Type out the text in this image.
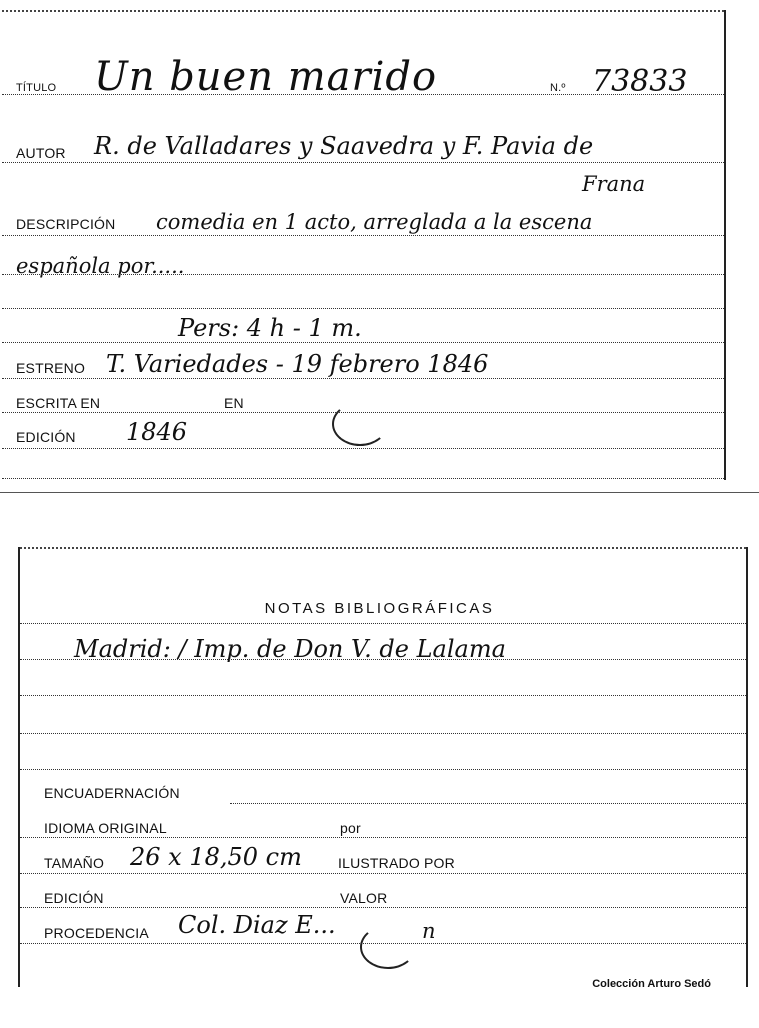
TÍTULO Un buen marido	N.º 73833
AUTOR R. de Valladares y Saavedra y F. Pavia de
Frana
DESCRIPCIÓN comedia en 1 acto, arreglada a la escena
española por.....
Pers: 4 h - 1 m.
ESTRENO T. Variedades - 19 febrero 1846
ESCRITA EN	EN
EDICIÓN 1846
Madrid: / Imp. de Don V. de Lalama
ENCUADERNACIÓN
IDIOMA ORIGINAL	por
TAMAÑO 26 x 18,50 cm	ILUSTRADO POR
EDICIÓN	VALOR
PROCEDENCIA Col. Diaz E...	n
NOTAS BIBLIOGRÁFICAS
Colección Arturo Sedó
